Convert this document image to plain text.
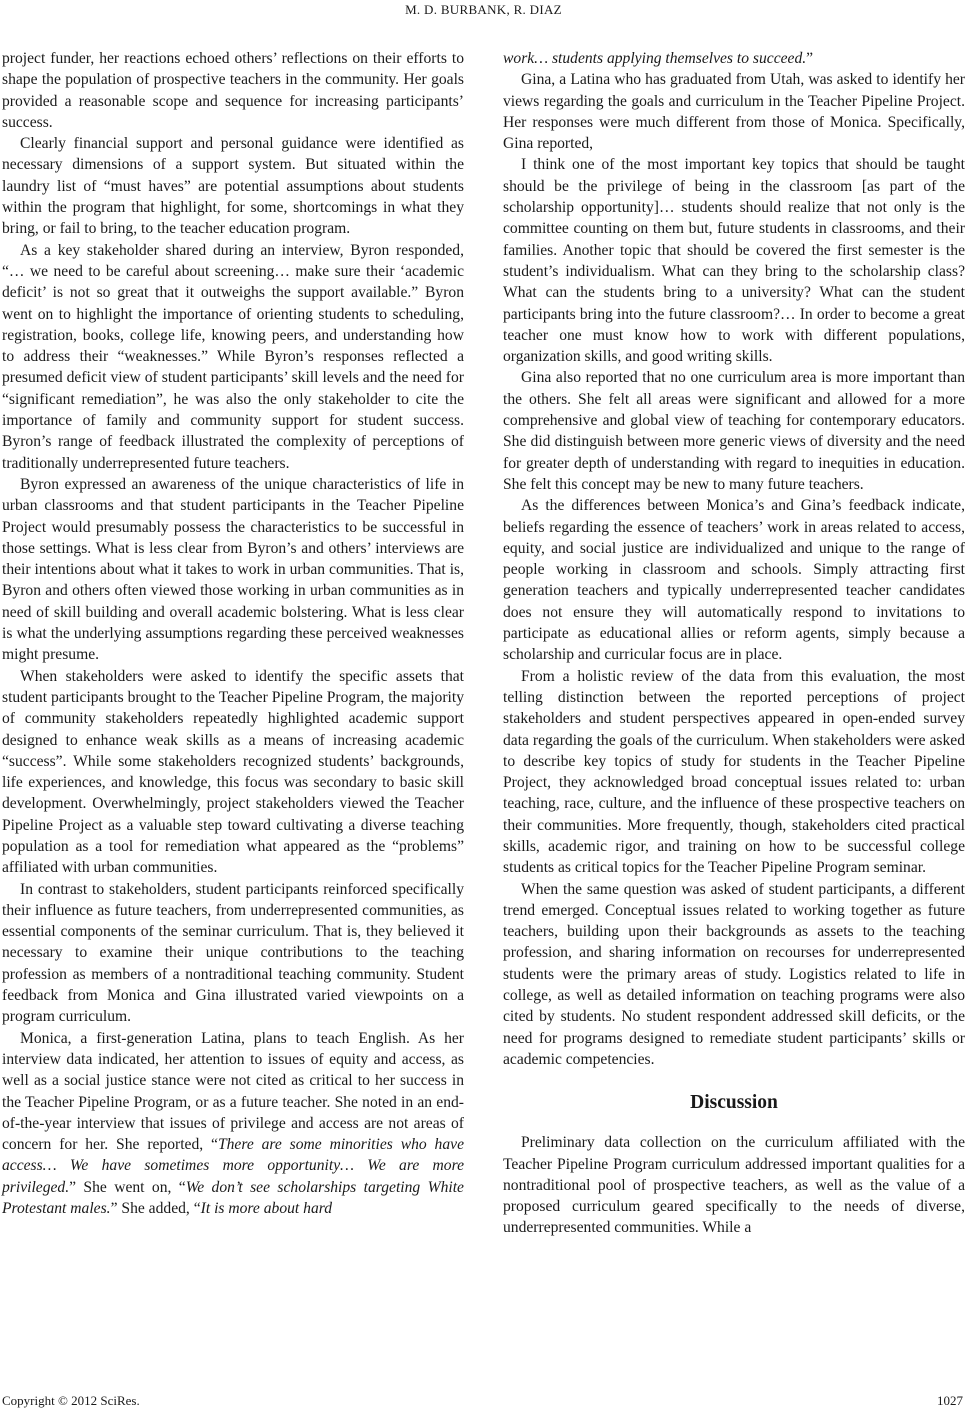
M. D. BURBANK, R. DIAZ

project funder, her reactions echoed others’ reflections on their efforts to shape the population of prospective teachers in the community. Her goals provided a reasonable scope and sequence for increasing participants’ success.

Clearly financial support and personal guidance were identified as necessary dimensions of a support system. But situated within the laundry list of “must haves” are potential assumptions about students within the program that highlight, for some, shortcomings in what they bring, or fail to bring, to the teacher education program.

As a key stakeholder shared during an interview, Byron responded, “… we need to be careful about screening… make sure their ‘academic deficit’ is not so great that it outweighs the support available.” Byron went on to highlight the importance of orienting students to scheduling, registration, books, college life, knowing peers, and understanding how to address their “weaknesses.” While Byron’s responses reflected a presumed deficit view of student participants’ skill levels and the need for “significant remediation”, he was also the only stakeholder to cite the importance of family and community support for student success. Byron’s range of feedback illustrated the complexity of perceptions of traditionally underrepresented future teachers.

Byron expressed an awareness of the unique characteristics of life in urban classrooms and that student participants in the Teacher Pipeline Project would presumably possess the characteristics to be successful in those settings. What is less clear from Byron’s and others’ interviews are their intentions about what it takes to work in urban communities. That is, Byron and others often viewed those working in urban communities as in need of skill building and overall academic bolstering. What is less clear is what the underlying assumptions regarding these perceived weaknesses might presume.

When stakeholders were asked to identify the specific assets that student participants brought to the Teacher Pipeline Program, the majority of community stakeholders repeatedly highlighted academic support designed to enhance weak skills as a means of increasing academic “success”. While some stakeholders recognized students’ backgrounds, life experiences, and knowledge, this focus was secondary to basic skill development. Overwhelmingly, project stakeholders viewed the Teacher Pipeline Project as a valuable step toward cultivating a diverse teaching population as a tool for remediation what appeared as the “problems” affiliated with urban communities.

In contrast to stakeholders, student participants reinforced specifically their influence as future teachers, from underrepresented communities, as essential components of the seminar curriculum. That is, they believed it necessary to examine their unique contributions to the teaching profession as members of a nontraditional teaching community. Student feedback from Monica and Gina illustrated varied viewpoints on a program curriculum.

Monica, a first-generation Latina, plans to teach English. As her interview data indicated, her attention to issues of equity and access, as well as a social justice stance were not cited as critical to her success in the Teacher Pipeline Program, or as a future teacher. She noted in an end-of-the-year interview that issues of privilege and access are not areas of concern for her. She reported, “There are some minorities who have access… We have sometimes more opportunity… We are more privileged.” She went on, “We don’t see scholarships targeting White Protestant males.” She added, “It is more about hard

work… students applying themselves to succeed.”

Gina, a Latina who has graduated from Utah, was asked to identify her views regarding the goals and curriculum in the Teacher Pipeline Project. Her responses were much different from those of Monica. Specifically, Gina reported,

I think one of the most important key topics that should be taught should be the privilege of being in the classroom [as part of the scholarship opportunity]… students should realize that not only is the committee counting on them but, future students in classrooms, and their families. Another topic that should be covered the first semester is the student’s individualism. What can they bring to the scholarship class? What can the students bring to a university? What can the student participants bring into the future classroom?… In order to become a great teacher one must know how to work with different populations, organization skills, and good writing skills.

Gina also reported that no one curriculum area is more important than the others. She felt all areas were significant and allowed for a more comprehensive and global view of teaching for contemporary educators. She did distinguish between more generic views of diversity and the need for greater depth of understanding with regard to inequities in education. She felt this concept may be new to many future teachers.

As the differences between Monica’s and Gina’s feedback indicate, beliefs regarding the essence of teachers’ work in areas related to access, equity, and social justice are individualized and unique to the range of people working in classroom and schools. Simply attracting first generation teachers and typically underrepresented teacher candidates does not ensure they will automatically respond to invitations to participate as educational allies or reform agents, simply because a scholarship and curricular focus are in place.

From a holistic review of the data from this evaluation, the most telling distinction between the reported perceptions of project stakeholders and student perspectives appeared in open-ended survey data regarding the goals of the curriculum. When stakeholders were asked to describe key topics of study for students in the Teacher Pipeline Project, they acknowledged broad conceptual issues related to: urban teaching, race, culture, and the influence of these prospective teachers on their communities. More frequently, though, stakeholders cited practical skills, academic rigor, and training on how to be successful college students as critical topics for the Teacher Pipeline Program seminar.

When the same question was asked of student participants, a different trend emerged. Conceptual issues related to working together as future teachers, building upon their backgrounds as assets to the teaching profession, and sharing information on recourses for underrepresented students were the primary areas of study. Logistics related to life in college, as well as detailed information on teaching programs were also cited by students. No student respondent addressed skill deficits, or the need for programs designed to remediate student participants’ skills or academic competencies.

Discussion

Preliminary data collection on the curriculum affiliated with the Teacher Pipeline Program curriculum addressed important qualities for a nontraditional pool of prospective teachers, as well as the value of a proposed curriculum geared specifically to the needs of diverse, underrepresented communities. While a

Copyright © 2012 SciRes.	1027
